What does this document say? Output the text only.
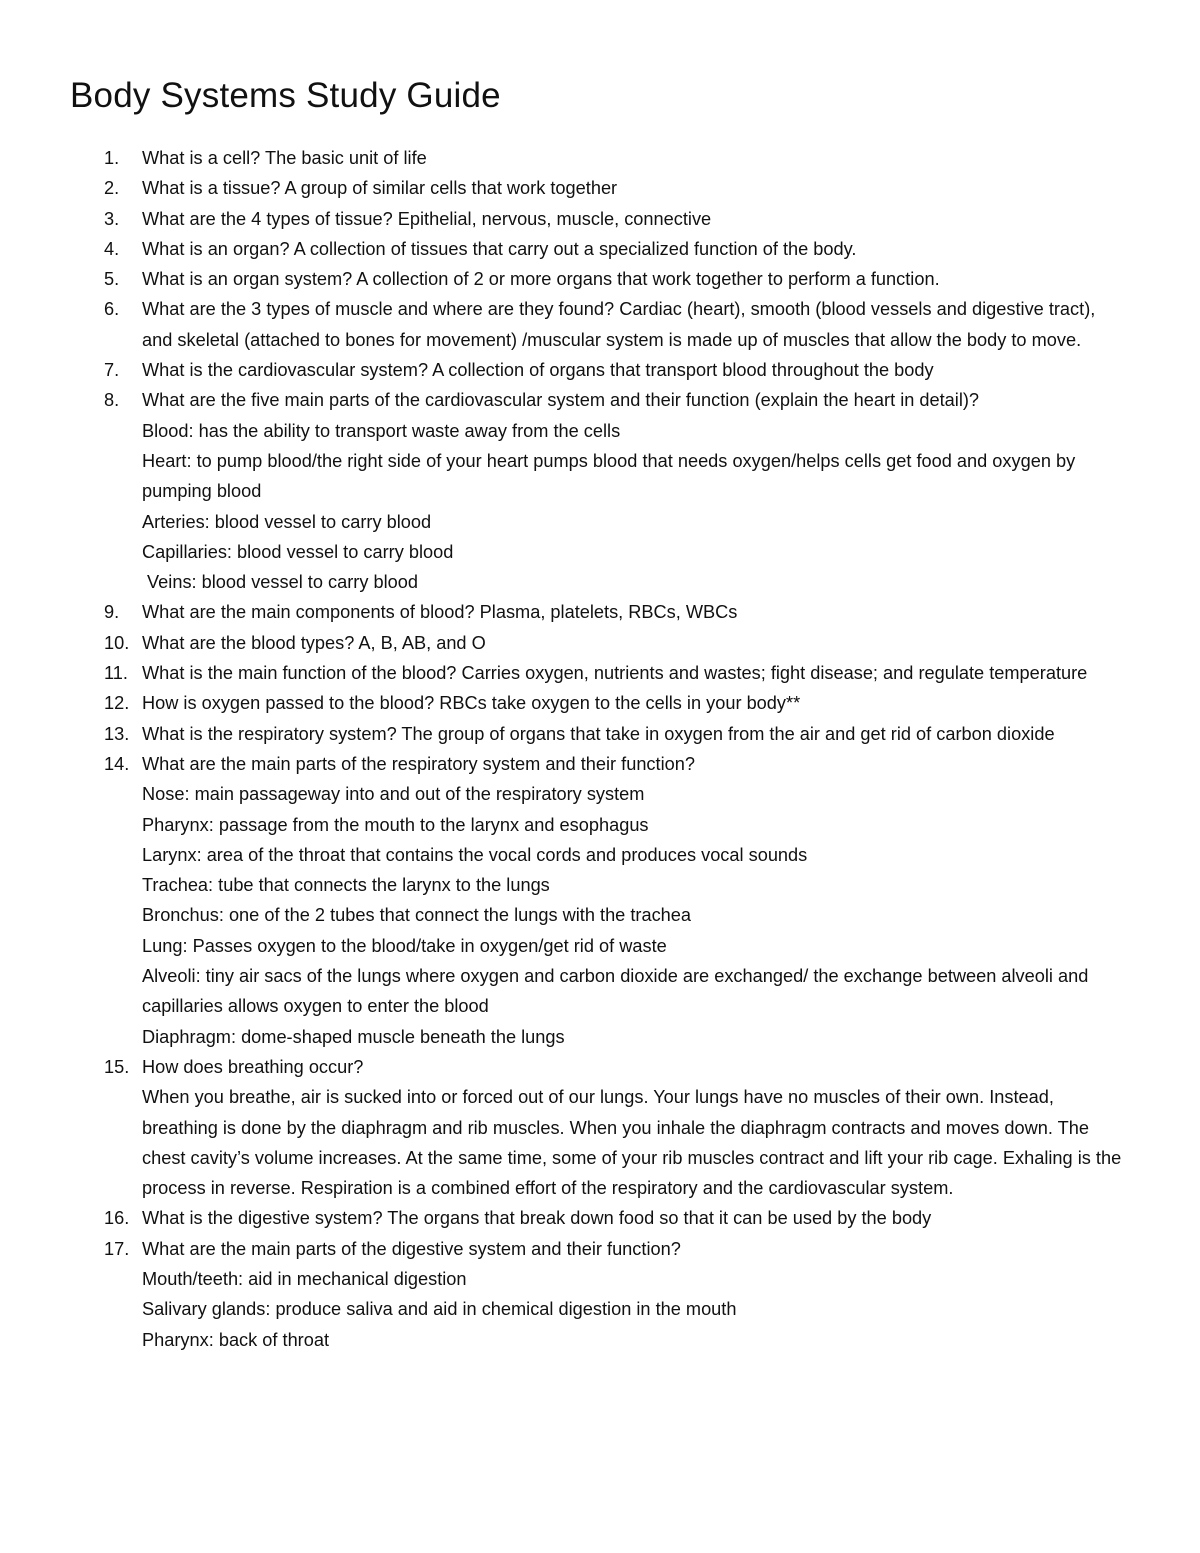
Body Systems Study Guide
1.	What is a cell? The basic unit of life
2.	What is a tissue? A group of similar cells that work together
3.	What are the 4 types of tissue? Epithelial, nervous, muscle, connective
4.	What is an organ? A collection of tissues that carry out a specialized function of the body.
5.	What is an organ system? A collection of 2 or more organs that work together to perform a function.
6.	What are the 3 types of muscle and where are they found? Cardiac (heart), smooth (blood vessels and digestive tract), and skeletal (attached to bones for movement) /muscular system is made up of muscles that allow the body to move.
7.	What is the cardiovascular system? A collection of organs that transport blood throughout the body
8.	What are the five main parts of the cardiovascular system and their function (explain the heart in detail)?
Blood: has the ability to transport waste away from the cells
Heart: to pump blood/the right side of your heart pumps blood that needs oxygen/helps cells get food and oxygen by pumping blood
Arteries: blood vessel to carry blood
Capillaries: blood vessel to carry blood
Veins: blood vessel to carry blood
9.	What are the main components of blood? Plasma, platelets, RBCs, WBCs
10. What are the blood types? A, B, AB, and O
11. What is the main function of the blood? Carries oxygen, nutrients and wastes; fight disease; and regulate temperature
12. How is oxygen passed to the blood? RBCs take oxygen to the cells in your body**
13. What is the respiratory system? The group of organs that take in oxygen from the air and get rid of carbon dioxide
14. What are the main parts of the respiratory system and their function?
Nose: main passageway into and out of the respiratory system
Pharynx: passage from the mouth to the larynx and esophagus
Larynx: area of the throat that contains the vocal cords and produces vocal sounds
Trachea: tube that connects the larynx to the lungs
Bronchus: one of the 2 tubes that connect the lungs with the trachea
Lung: Passes oxygen to the blood/take in oxygen/get rid of waste
Alveoli: tiny air sacs of the lungs where oxygen and carbon dioxide are exchanged/ the exchange between alveoli and capillaries allows oxygen to enter the blood
Diaphragm: dome-shaped muscle beneath the lungs
15. How does breathing occur?
When you breathe, air is sucked into or forced out of our lungs. Your lungs have no muscles of their own. Instead, breathing is done by the diaphragm and rib muscles. When you inhale the diaphragm contracts and moves down. The chest cavity’s volume increases. At the same time, some of your rib muscles contract and lift your rib cage. Exhaling is the process in reverse. Respiration is a combined effort of the respiratory and the cardiovascular system.
16. What is the digestive system? The organs that break down food so that it can be used by the body
17. What are the main parts of the digestive system and their function?
Mouth/teeth: aid in mechanical digestion
Salivary glands: produce saliva and aid in chemical digestion in the mouth
Pharynx: back of throat
